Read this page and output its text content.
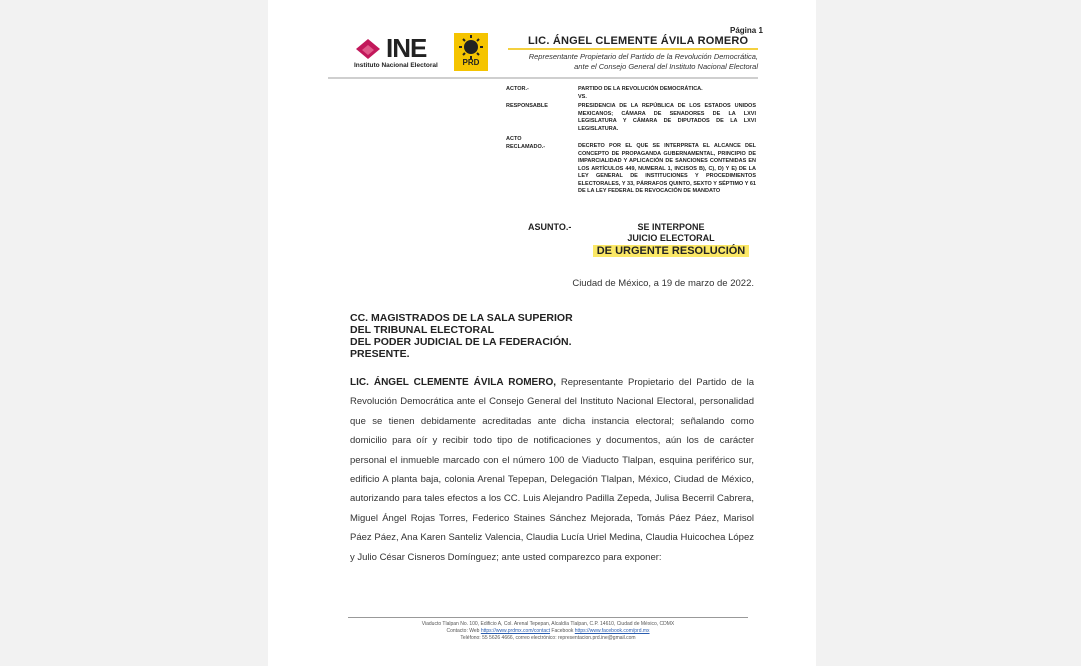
Página 1
INE
Instituto Nacional Electoral	PRD
LIC. ÁNGEL CLEMENTE ÁVILA ROMERO
Representante Propietario del Partido de la Revolución Democrática,
ante el Consejo General del Instituto Nacional Electoral
ACTOR.-	PARTIDO DE LA REVOLUCIÓN DEMOCRÁTICA.
VS.
RESPONSABLE	PRESIDENCIA DE LA REPÚBLICA DE LOS ESTADOS UNIDOS MEXICANOS; CÁMARA DE SENADORES DE LA LXVI LEGISLATURA Y CÁMARA DE DIPUTADOS DE LA LXVI LEGISLATURA.
ACTO
RECLAMADO.-	DECRETO POR EL QUE SE INTERPRETA EL ALCANCE DEL CONCEPTO DE PROPAGANDA GUBERNAMENTAL, PRINCIPIO DE IMPARCIALIDAD Y APLICACIÓN DE SANCIONES CONTENIDAS EN LOS ARTÍCULOS 449, NUMERAL 1, INCISOS B), C), D) Y E) DE LA LEY GENERAL DE INSTITUCIONES Y PROCEDIMIENTOS ELECTORALES, Y 33, PÁRRAFOS QUINTO, SEXTO Y SÉPTIMO Y 61 DE LA LEY FEDERAL DE REVOCACIÓN DE MANDATO
ASUNTO.-	SE INTERPONE
JUICIO ELECTORAL
DE URGENTE RESOLUCIÓN
Ciudad de México, a 19 de marzo de 2022.
CC. MAGISTRADOS DE LA SALA SUPERIOR
DEL TRIBUNAL ELECTORAL
DEL PODER JUDICIAL DE LA FEDERACIÓN.
PRESENTE.
LIC. ÁNGEL CLEMENTE ÁVILA ROMERO, Representante Propietario del Partido de la Revolución Democrática ante el Consejo General del Instituto Nacional Electoral, personalidad que se tienen debidamente acreditadas ante dicha instancia electoral; señalando como domicilio para oír y recibir todo tipo de notificaciones y documentos, aún los de carácter personal el inmueble marcado con el número 100 de Viaducto Tlalpan, esquina periférico sur, edificio A planta baja, colonia Arenal Tepepan, Delegación Tlalpan, México, Ciudad de México, autorizando para tales efectos a los CC. Luis Alejandro Padilla Zepeda, Julisa Becerril Cabrera, Miguel Ángel Rojas Torres, Federico Staines Sánchez Mejorada, Tomás Páez Páez, Marisol Páez Páez, Ana Karen Santeliz Valencia, Claudia Lucía Uriel Medina, Claudia Huicochea López y Julio César Cisneros Domínguez; ante usted comparezco para exponer:
Viaducto Tlalpan No. 100, Edificio A, Col. Arenal Tepepan, Alcaldía Tlalpan, C.P. 14610, Ciudad de México, CDMX
Contacto: Web https://www.prdmx.com/contact Facebook https://www.facebook.com/prd.mx
Teléfono: 55 5626 4666, correo electrónico: representacion.prd.ine@gmail.com
